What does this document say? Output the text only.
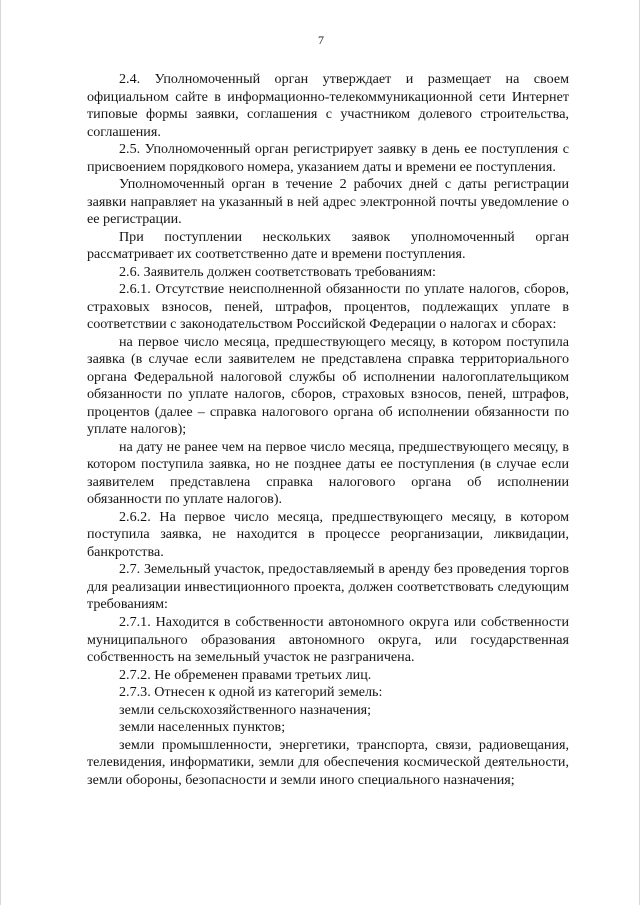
7

2.4. Уполномоченный орган утверждает и размещает на своем официальном сайте в информационно-телекоммуникационной сети Интернет типовые формы заявки, соглашения с участником долевого строительства, соглашения.

2.5. Уполномоченный орган регистрирует заявку в день ее поступления с присвоением порядкового номера, указанием даты и времени ее поступления.

Уполномоченный орган в течение 2 рабочих дней с даты регистрации заявки направляет на указанный в ней адрес электронной почты уведомление о ее регистрации.

При поступлении нескольких заявок уполномоченный орган рассматривает их соответственно дате и времени поступления.

2.6. Заявитель должен соответствовать требованиям:

2.6.1. Отсутствие неисполненной обязанности по уплате налогов, сборов, страховых взносов, пеней, штрафов, процентов, подлежащих уплате в соответствии с законодательством Российской Федерации о налогах и сборах:

на первое число месяца, предшествующего месяцу, в котором поступила заявка (в случае если заявителем не представлена справка территориального органа Федеральной налоговой службы об исполнении налогоплательщиком обязанности по уплате налогов, сборов, страховых взносов, пеней, штрафов, процентов (далее – справка налогового органа об исполнении обязанности по уплате налогов);

на дату не ранее чем на первое число месяца, предшествующего месяцу, в котором поступила заявка, но не позднее даты ее поступления (в случае если заявителем представлена справка налогового органа об исполнении обязанности по уплате налогов).

2.6.2. На первое число месяца, предшествующего месяцу, в котором поступила заявка, не находится в процессе реорганизации, ликвидации, банкротства.

2.7. Земельный участок, предоставляемый в аренду без проведения торгов для реализации инвестиционного проекта, должен соответствовать следующим требованиям:

2.7.1. Находится в собственности автономного округа или собственности муниципального образования автономного округа, или государственная собственность на земельный участок не разграничена.

2.7.2. Не обременен правами третьих лиц.

2.7.3. Отнесен к одной из категорий земель:

земли сельскохозяйственного назначения;

земли населенных пунктов;

земли промышленности, энергетики, транспорта, связи, радиовещания, телевидения, информатики, земли для обеспечения космической деятельности, земли обороны, безопасности и земли иного специального назначения;
